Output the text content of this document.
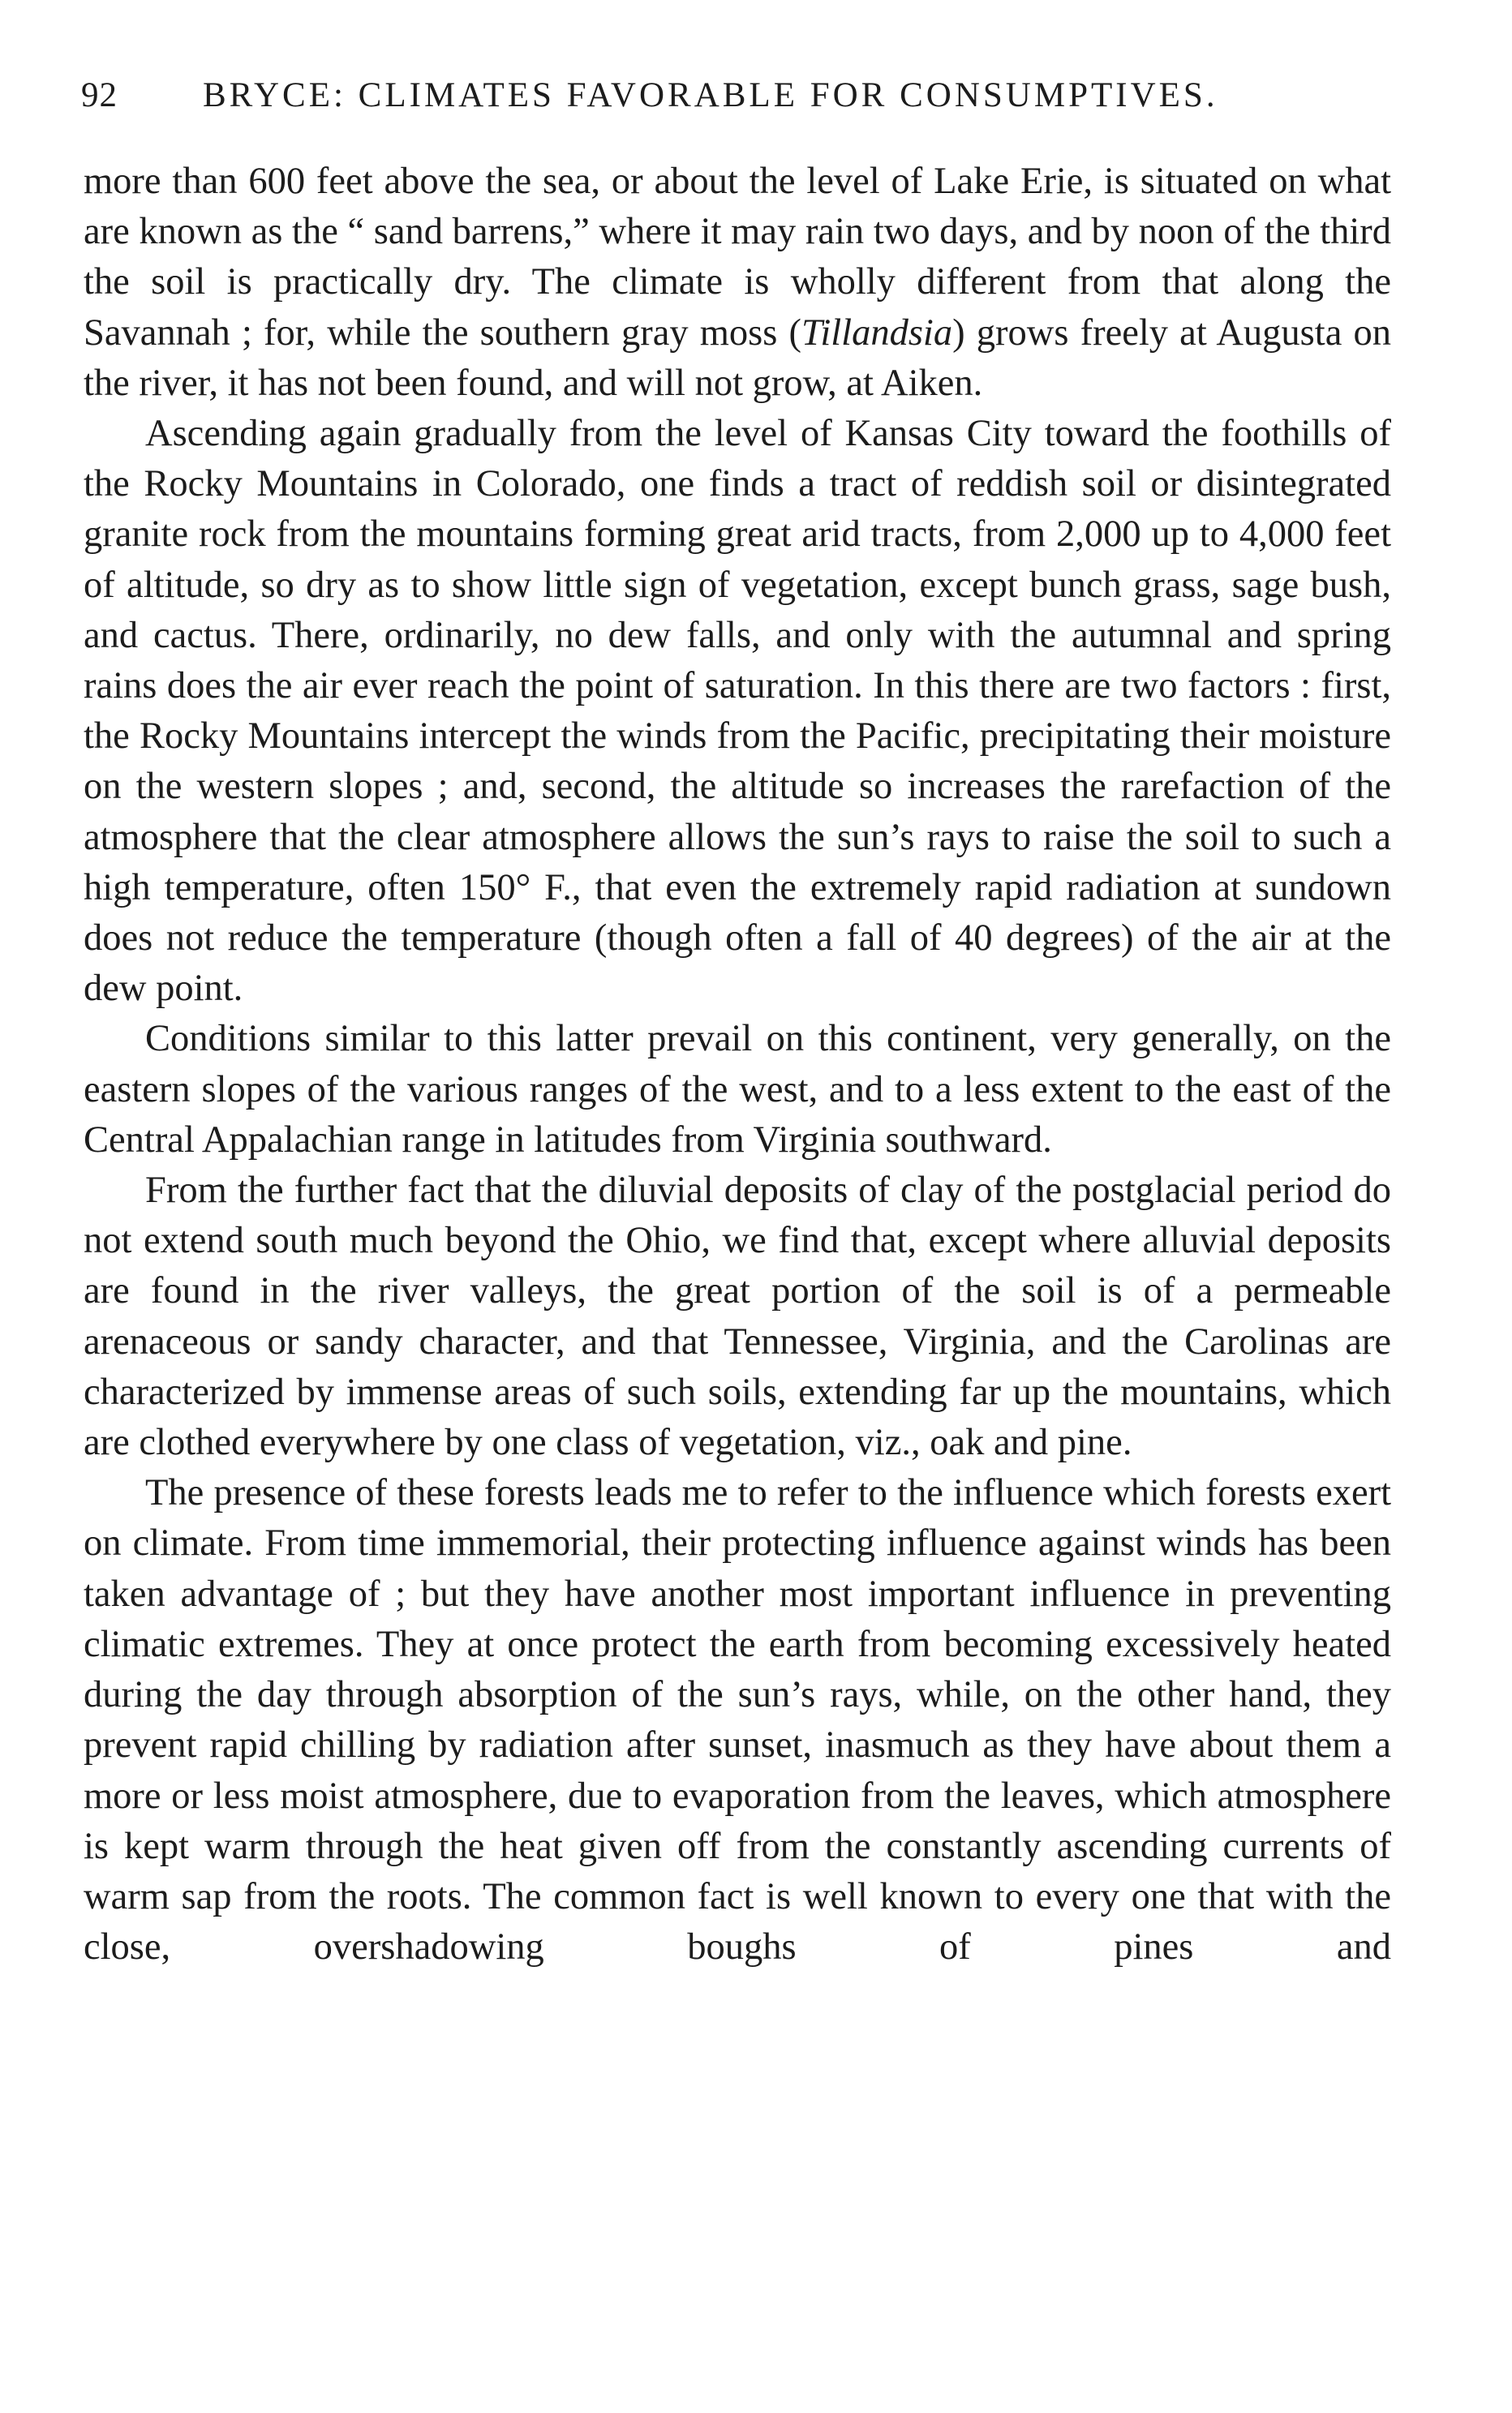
92 BRYCE: CLIMATES FAVORABLE FOR CONSUMPTIVES.

more than 600 feet above the sea, or about the level of Lake Erie, is situated on what are known as the “ sand barrens,” where it may rain two days, and by noon of the third the soil is practically dry. The climate is wholly different from that along the Savannah ; for, while the southern gray moss (Tillandsia) grows freely at Augusta on the river, it has not been found, and will not grow, at Aiken.

Ascending again gradually from the level of Kansas City toward the foothills of the Rocky Mountains in Colorado, one finds a tract of reddish soil or disintegrated granite rock from the mountains forming great arid tracts, from 2,000 up to 4,000 feet of altitude, so dry as to show little sign of vegetation, except bunch grass, sage bush, and cactus. There, ordinarily, no dew falls, and only with the autumnal and spring rains does the air ever reach the point of saturation. In this there are two factors : first, the Rocky Mountains intercept the winds from the Pacific, precipitating their moisture on the western slopes ; and, second, the altitude so increases the rarefaction of the atmosphere that the clear atmosphere allows the sun’s rays to raise the soil to such a high temperature, often 150° F., that even the extremely rapid radiation at sundown does not reduce the temperature (though often a fall of 40 degrees) of the air at the dew point.

Conditions similar to this latter prevail on this continent, very generally, on the eastern slopes of the various ranges of the west, and to a less extent to the east of the Central Appalachian range in latitudes from Virginia southward.

From the further fact that the diluvial deposits of clay of the postglacial period do not extend south much beyond the Ohio, we find that, except where alluvial deposits are found in the river valleys, the great portion of the soil is of a permeable arenaceous or sandy character, and that Tennessee, Virginia, and the Carolinas are characterized by immense areas of such soils, extending far up the mountains, which are clothed everywhere by one class of vegetation, viz., oak and pine.

The presence of these forests leads me to refer to the influence which forests exert on climate. From time immemorial, their protecting influence against winds has been taken advantage of ; but they have another most important influence in preventing climatic extremes. They at once protect the earth from becoming excessively heated during the day through absorption of the sun’s rays, while, on the other hand, they prevent rapid chilling by radiation after sunset, inasmuch as they have about them a more or less moist atmosphere, due to evaporation from the leaves, which atmosphere is kept warm through the heat given off from the constantly ascending currents of warm sap from the roots. The common fact is well known to every one that with the close, overshadowing boughs of pines and
